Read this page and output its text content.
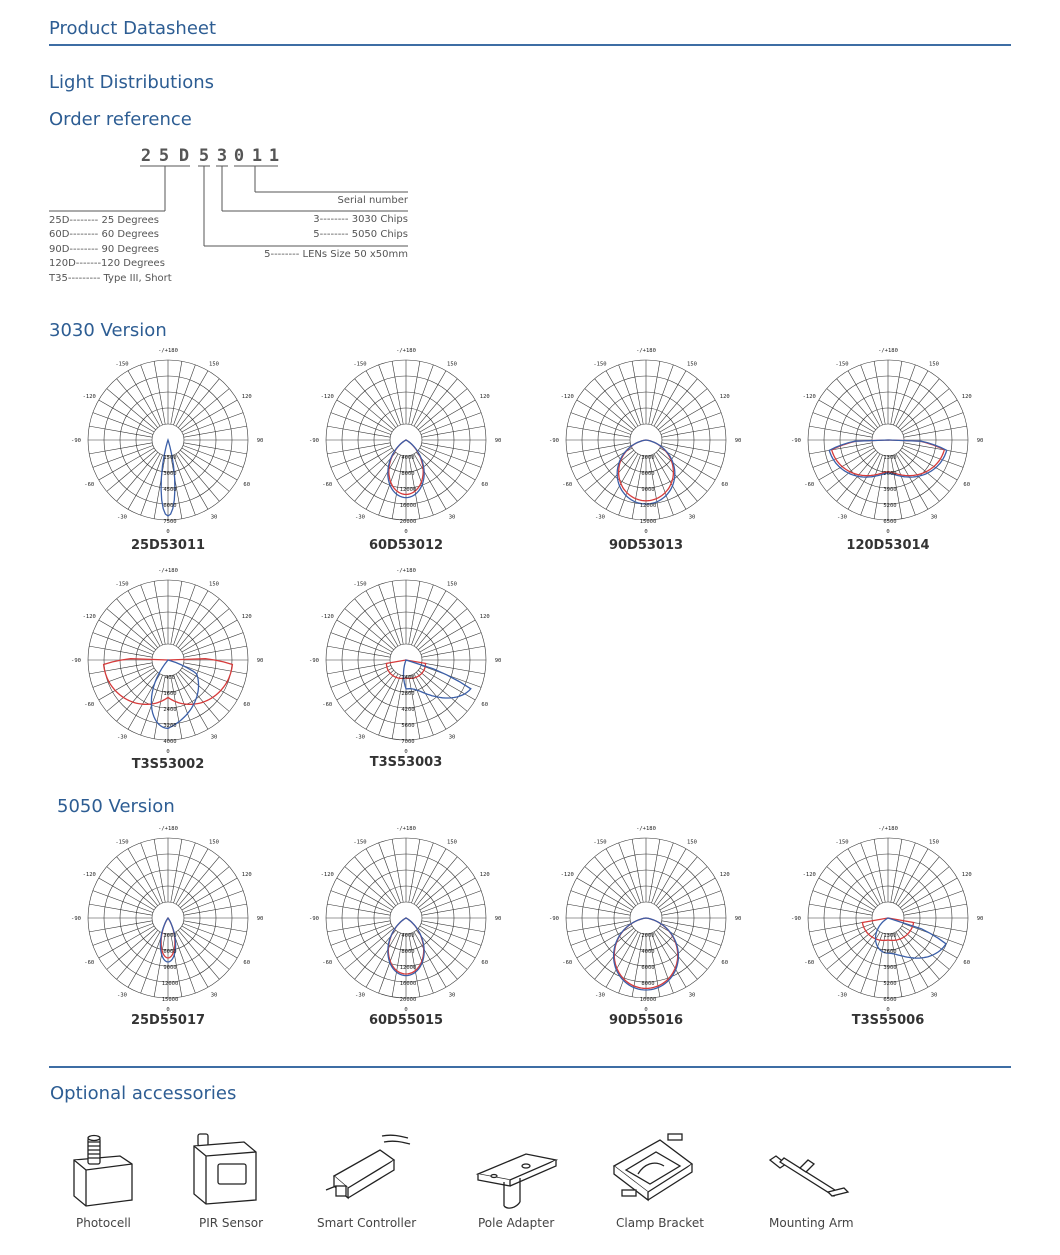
Product Datasheet
Light Distributions
Order reference
2 5 D 5 3 0 1 1
Serial number
3-------- 3030 Chips
5-------- 5050 Chips
5-------- LENs Size 50 x50mm
25D-------- 25 Degrees
60D-------- 60 Degrees
90D-------- 90 Degrees
120D-------120 Degrees
T35--------- Type III, Short
3030 Version
1500
3000
4500
6000
7500
-/+180
-150	150
-120	120
-90	90
-60	60
-30	30
0
25D53011
4000
8000
12000
16000
20000
-/+180
-150	150
-120	120
-90	90
-60	60
-30	30
0
60D53012
3000
6000
9000
12000
15000
-/+180
-150	150
-120	120
-90	90
-60	60
-30	30
0
90D53013
1300
2600
3900
5200
6500
-/+180
-150	150
-120	120
-90	90
-60	60
-30	30
0
120D53014
400
1600
2400
3200
4000
-/+180
-150	150
-120	120
-90	90
-60	60
-30	30
0
T3S53002
1400
2800
4200
5600
7000
-/+180
-150	150
-120	120
-90	90
-60	60
-30	30
0
T3S53003
5050 Version
3000
6000
9000
12000
15000
-/+180
-150	150
-120	120
-90	90
-60	60
-30	30
0
25D55017
4000
8000
12000
16000
20000
-/+180
-150	150
-120	120
-90	90
-60	60
-30	30
0
60D55015
2000
4000
6000
8000
10000
-/+180
-150	150
-120	120
-90	90
-60	60
-30	30
0
90D55016
1300
2600
3900
5200
6500
-/+180
-150	150
-120	120
-90	90
-60	60
-30	30
0
T3S55006
Optional accessories
Photocell	PIR Sensor	Smart Controller	Pole Adapter	Clamp Bracket	Mounting Arm
